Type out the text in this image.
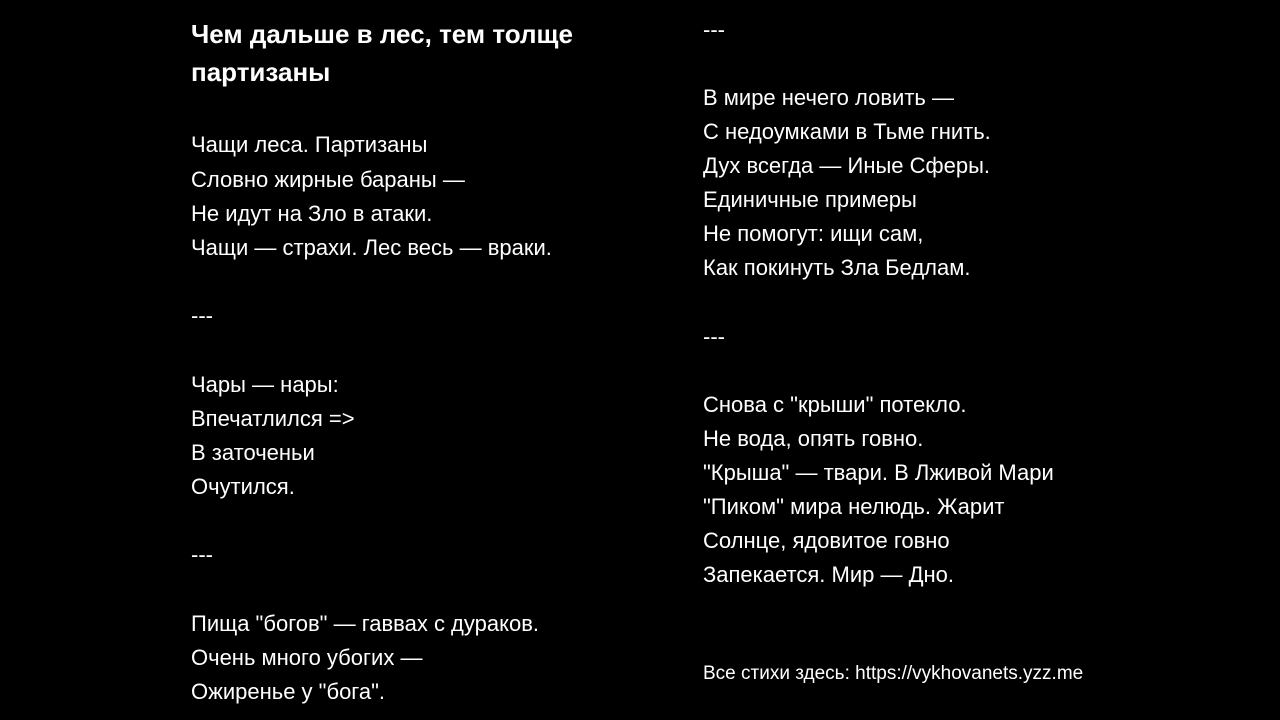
Чем дальше в лес, тем толще партизаны
Чащи леса. Партизаны
Словно жирные бараны —
Не идут на Зло в атаки.
Чащи — страхи. Лес весь — враки.
---
Чары — нары:
Впечатлился =>
В заточеньи
Очутился.
---
Пища "богов" — гаввах с дураков.
Очень много убогих —
Ожиренье у "бога".
---
В мире нечего ловить —
С недоумками в Тьме гнить.
Дух всегда — Иные Сферы.
Единичные примеры
Не помогут: ищи сам,
Как покинуть Зла Бедлам.
---
Снова с "крыши" потекло.
Не вода, опять говно.
"Крыша" — твари. В Лживой Мари
"Пиком" мира нелюдь. Жарит
Солнце, ядовитое говно
Запекается. Мир — Дно.
Все стихи здесь: https://vykhovanets.yzz.me
